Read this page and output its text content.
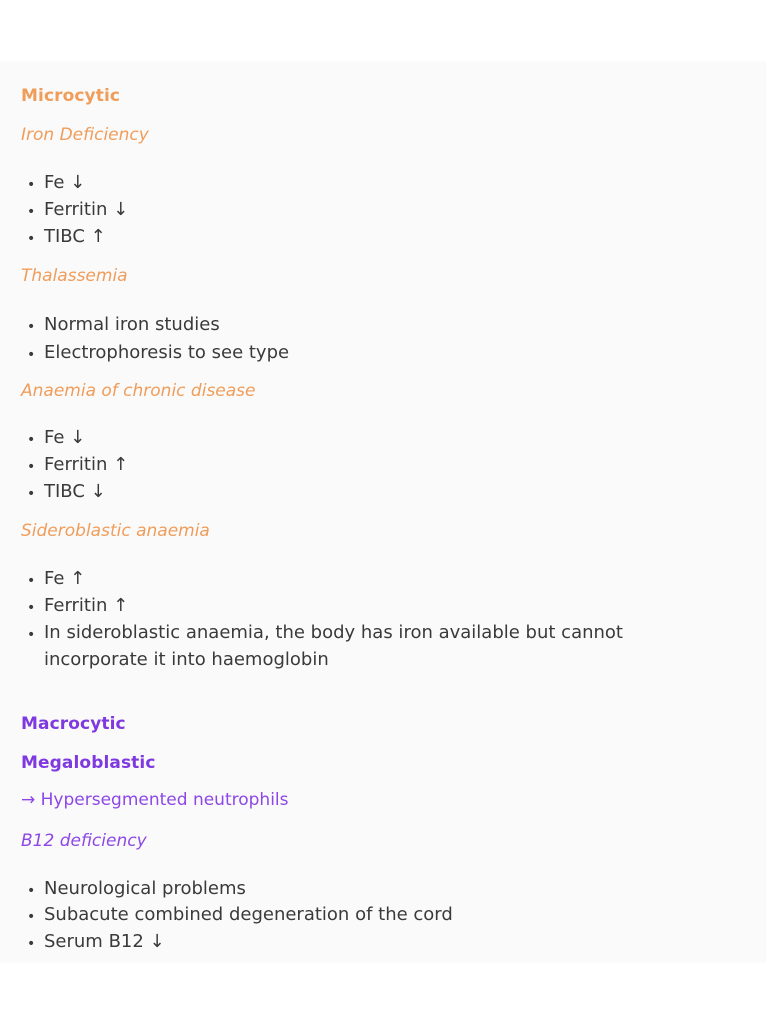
Microcytic
Iron Deficiency
• Fe ↓
• Ferritin ↓
• TIBC ↑
Thalassemia
• Normal iron studies
• Electrophoresis to see type
Anaemia of chronic disease
• Fe ↓
• Ferritin ↑
• TIBC ↓
Sideroblastic anaemia
• Fe ↑
• Ferritin ↑
• In sideroblastic anaemia, the body has iron available but cannot
incorporate it into haemoglobin
Macrocytic
Megaloblastic
→ Hypersegmented neutrophils
B12 deficiency
• Neurological problems
• Subacute combined degeneration of the cord
• Serum B12 ↓
